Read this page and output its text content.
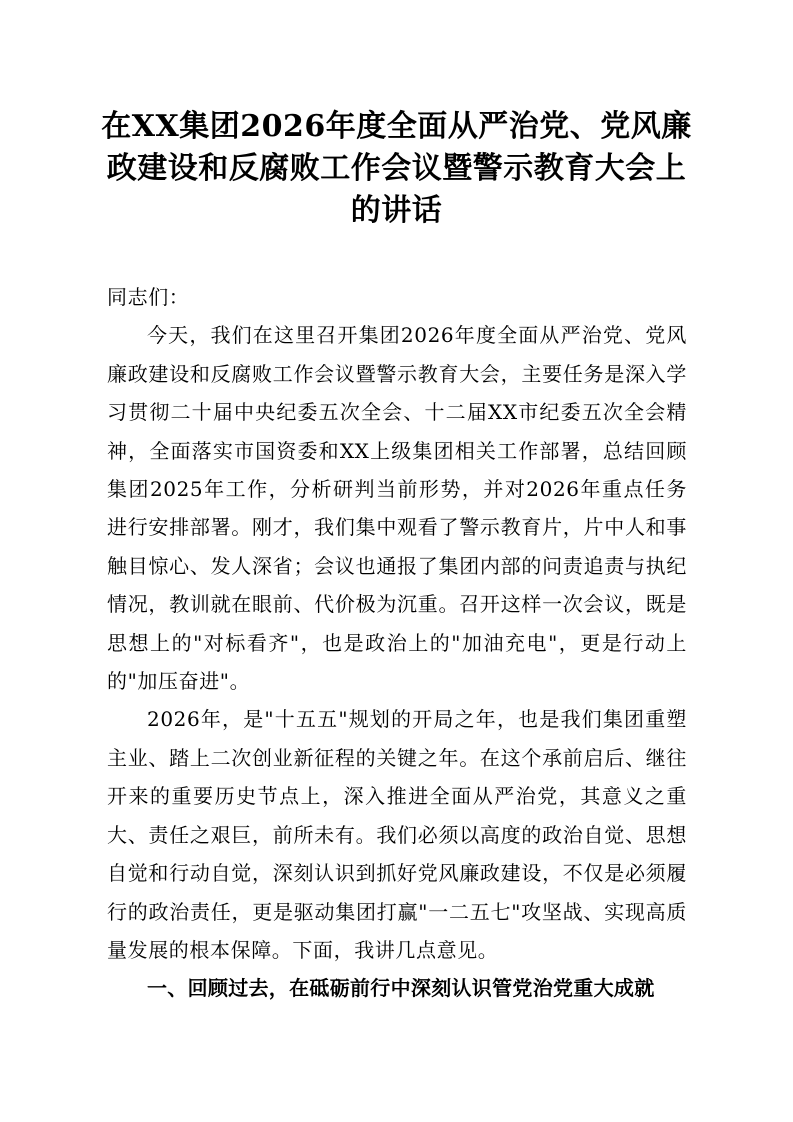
在XX集团2026年度全面从严治党、党风廉政建设和反腐败工作会议暨警示教育大会上的讲话

同志们：

今天，我们在这里召开集团2026年度全面从严治党、党风廉政建设和反腐败工作会议暨警示教育大会，主要任务是深入学习贯彻二十届中央纪委五次全会、十二届XX市纪委五次全会精神，全面落实市国资委和XX上级集团相关工作部署，总结回顾集团2025年工作，分析研判当前形势，并对2026年重点任务进行安排部署。刚才，我们集中观看了警示教育片，片中人和事触目惊心、发人深省；会议也通报了集团内部的问责追责与执纪情况，教训就在眼前、代价极为沉重。召开这样一次会议，既是思想上的"对标看齐"，也是政治上的"加油充电"，更是行动上的"加压奋进"。

2026年，是"十五五"规划的开局之年，也是我们集团重塑主业、踏上二次创业新征程的关键之年。在这个承前启后、继往开来的重要历史节点上，深入推进全面从严治党，其意义之重大、责任之艰巨，前所未有。我们必须以高度的政治自觉、思想自觉和行动自觉，深刻认识到抓好党风廉政建设，不仅是必须履行的政治责任，更是驱动集团打赢"一二五七"攻坚战、实现高质量发展的根本保障。下面，我讲几点意见。

一、回顾过去，在砥砺前行中深刻认识管党治党重大成就
